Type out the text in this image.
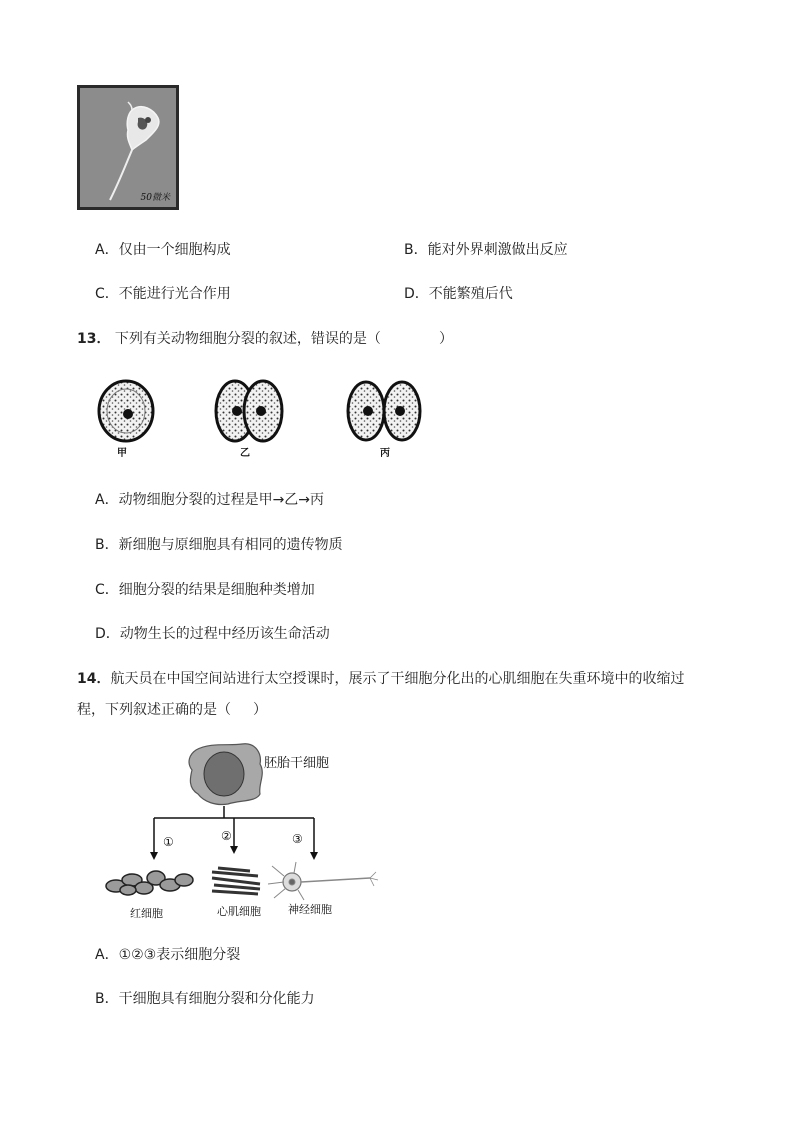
50微米
A．仅由一个细胞构成	B．能对外界刺激做出反应
C．不能进行光合作用	D．不能繁殖后代
13． 下列有关动物细胞分裂的叙述，错误的是（	）
甲	乙	丙
A．动物细胞分裂的过程是甲→乙→丙
B．新细胞与原细胞具有相同的遗传物质
C．细胞分裂的结果是细胞种类增加
D．动物生长的过程中经历该生命活动
14．航天员在中国空间站进行太空授课时，展示了干细胞分化出的心肌细胞在失重环境中的收缩过
程，下列叙述正确的是（ ）
胚胎干细胞
①	②	③
红细胞	心肌细胞 神经细胞
A．①②③表示细胞分裂
B．干细胞具有细胞分裂和分化能力
